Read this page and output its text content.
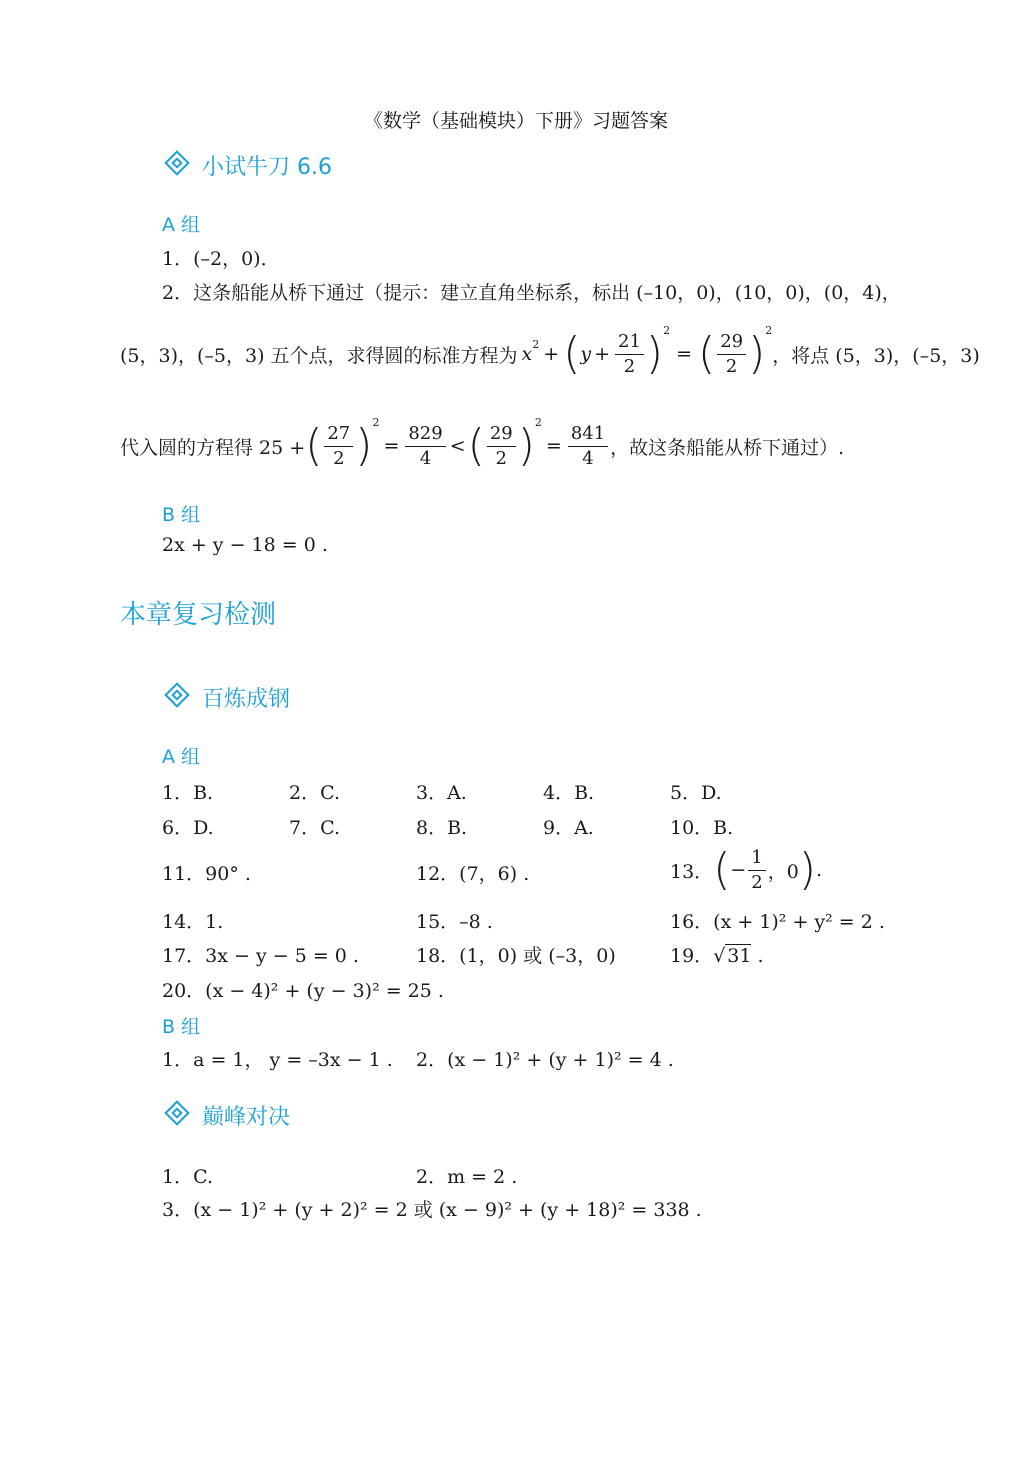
《数学（基础模块）下册》习题答案
小试牛刀 6.6
A 组
1．(–2，0)．
2．这条船能从桥下通过（提示：建立直角坐标系，标出 (–10，0)，(10，0)，(0，4)，
(5，3)，(–5，3) 五个点，求得圆的标准方程为 $x^2$ + ( $y + \frac{21}{2} )^2$
= ( $\frac{29}{2} )^2$
，将点 (5，3)，(–5，3)
代入圆的方程得 25 + ( $\frac{27}{2} )^2$
= $\frac{829}{4}$ < ( $\frac{29}{2} )^2$
= $\frac{841}{4}$ ，故这条船能从桥下通过）.
B 组
2x + y − 18 = 0 .
本章复习检测
百炼成钢
A 组
1．B.	2．C.	3．A.	4．B.	5．D.
6．D.	7．C.	8．B.	9．A.	10．B.
11．90° .	12．(7，6) .	13． ( − $\frac{1}{2}$ ，0 ) .
14．1.	15．–8 .	16．(x + 1)² + y² = 2 .
17．3x − y − 5 = 0 .	18．(1，0) 或 (–3，0)	19．√ 31 .
20．(x − 4)² + (y − 3)² = 25 .
B 组
1．a = 1， y = –3x − 1 . 2．(x − 1)² + (y + 1)² = 4 .
巅峰对决
1．C.	2．m = 2 .
3．(x − 1)² + (y + 2)² = 2 或 (x − 9)² + (y + 18)² = 338 .
